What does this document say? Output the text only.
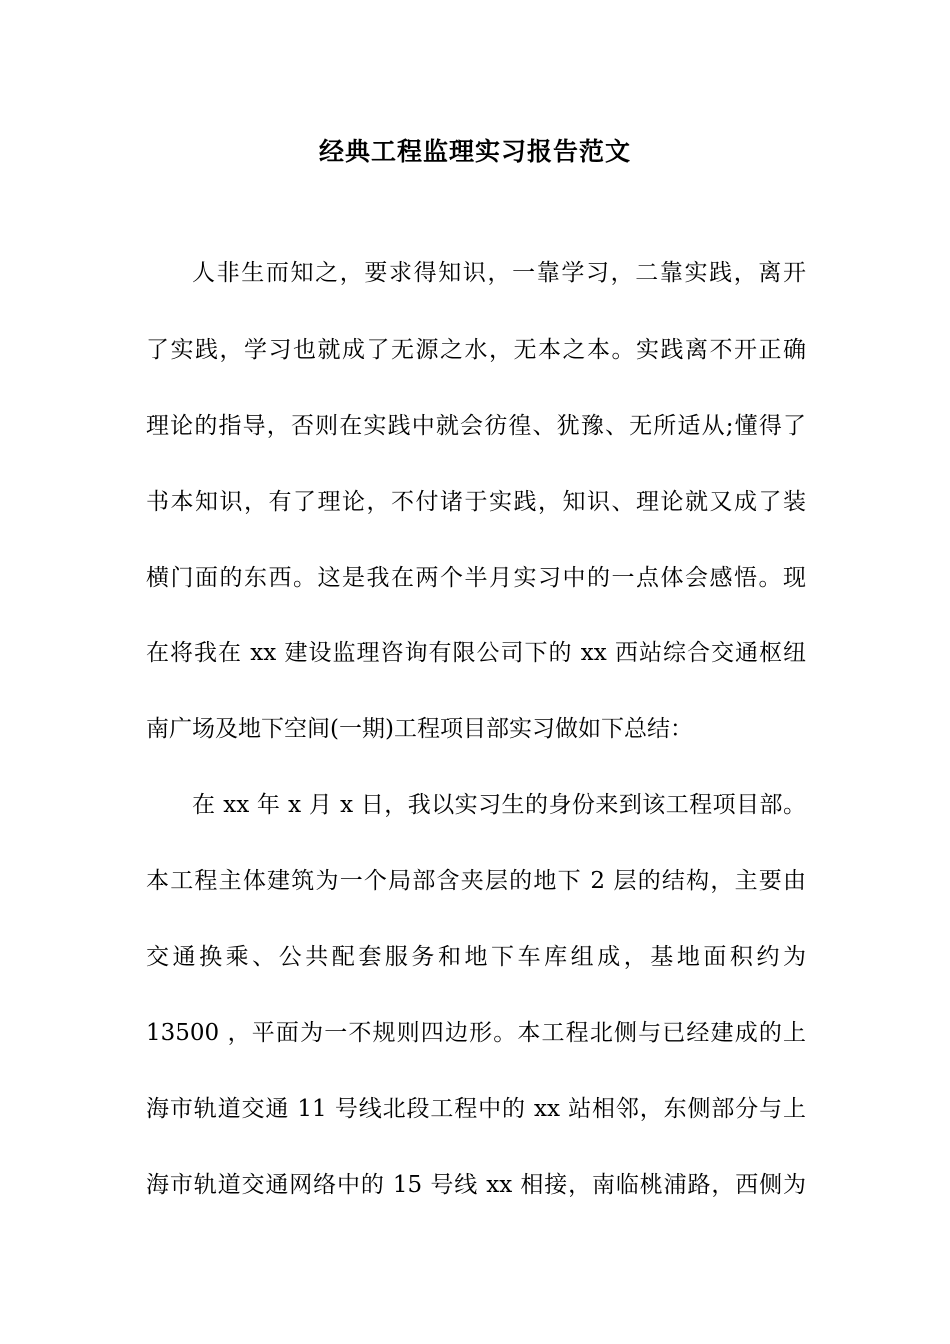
经典工程监理实习报告范文
人非生而知之，要求得知识，一靠学习，二靠实践，离开
了实践，学习也就成了无源之水，无本之本。实践离不开正确
理论的指导，否则在实践中就会彷徨、犹豫、无所适从;懂得了
书本知识，有了理论，不付诸于实践，知识、理论就又成了装
横门面的东西。这是我在两个半月实习中的一点体会感悟。现
在将我在 xx 建设监理咨询有限公司下的 xx 西站综合交通枢纽
南广场及地下空间(一期)工程项目部实习做如下总结：
在 xx 年 x 月 x 日，我以实习生的身份来到该工程项目部。
本工程主体建筑为一个局部含夹层的地下 2 层的结构，主要由
交通换乘、公共配套服务和地下车库组成，基地面积约为
13500 ，平面为一不规则四边形。本工程北侧与已经建成的上
海市轨道交通 11 号线北段工程中的 xx 站相邻，东侧部分与上
海市轨道交通网络中的 15 号线 xx 相接，南临桃浦路，西侧为
